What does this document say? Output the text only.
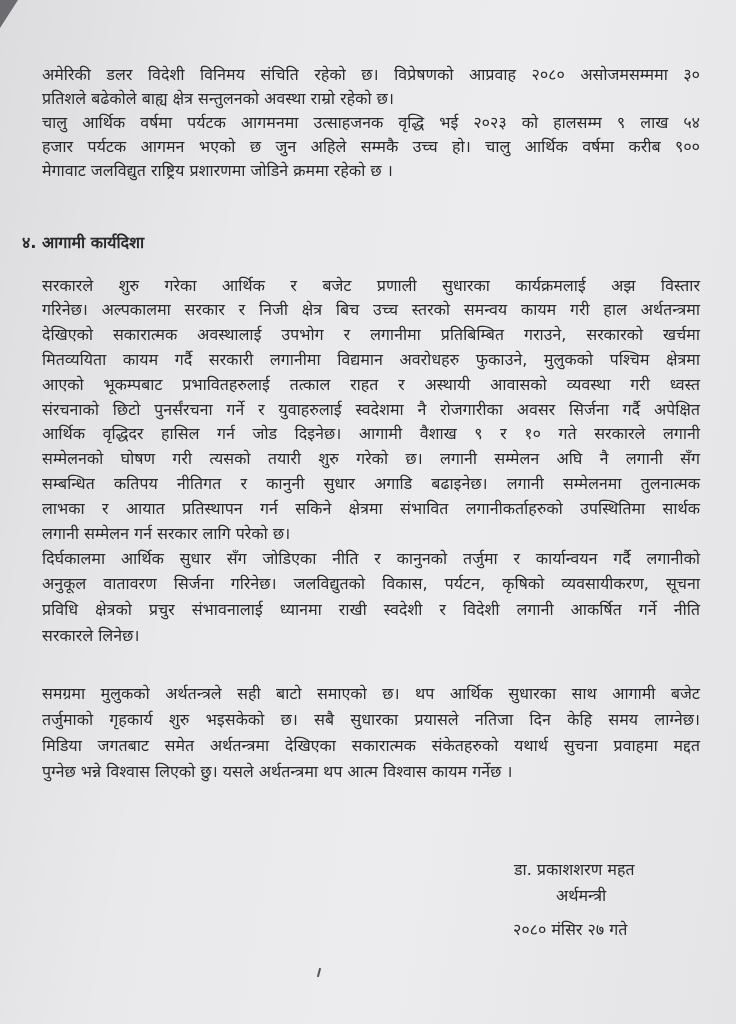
अमेरिकी डलर विदेशी विनिमय संचिति रहेको छ। विप्रेषणको आप्रवाह २०८० असोजमसम्ममा ३०
प्रतिशले बढेकोले बाह्य क्षेत्र सन्तुलनको अवस्था राम्रो रहेको छ।
चालु आर्थिक वर्षमा पर्यटक आगमनमा उत्साहजनक वृद्धि भई २०२३ को हालसम्म ९ लाख ५४
हजार पर्यटक आगमन भएको छ जुन अहिले सम्मकै उच्च हो। चालु आर्थिक वर्षमा करीब ९००
मेगावाट जलविद्युत राष्ट्रिय प्रशारणमा जोडिने क्रममा रहेको छ ।
४. आगामी कार्यदिशा
सरकारले शुरु गरेका आर्थिक र बजेट प्रणाली सुधारका कार्यक्रमलाई अझ विस्तार
गरिनेछ। अल्पकालमा सरकार र निजी क्षेत्र बिच उच्च स्तरको समन्वय कायम गरी हाल अर्थतन्त्रमा
देखिएको सकारात्मक अवस्थालाई उपभोग र लगानीमा प्रतिबिम्बित गराउने, सरकारको खर्चमा
मितव्ययिता कायम गर्दै सरकारी लगानीमा विद्यमान अवरोधहरु फुकाउने, मुलुकको पश्चिम क्षेत्रमा
आएको भूकम्पबाट प्रभावितहरुलाई तत्काल राहत र अस्थायी आवासको व्यवस्था गरी ध्वस्त
संरचनाको छिटो पुनर्संरचना गर्ने र युवाहरुलाई स्वदेशमा नै रोजगारीका अवसर सिर्जना गर्दै अपेक्षित
आर्थिक वृद्धिदर हासिल गर्न जोड दिइनेछ। आगामी वैशाख ९ र १० गते सरकारले लगानी
सम्मेलनको घोषण गरी त्यसको तयारी शुरु गरेको छ। लगानी सम्मेलन अघि नै लगानी सँग
सम्बन्धित कतिपय नीतिगत र कानुनी सुधार अगाडि बढाइनेछ। लगानी सम्मेलनमा तुलनात्मक
लाभका र आयात प्रतिस्थापन गर्न सकिने क्षेत्रमा संभावित लगानीकर्ताहरुको उपस्थितिमा सार्थक
लगानी सम्मेलन गर्न सरकार लागि परेको छ।
दिर्घकालमा आर्थिक सुधार सँग जोडिएका नीति र कानुनको तर्जुमा र कार्यान्वयन गर्दै लगानीको
अनुकूल वातावरण सिर्जना गरिनेछ। जलविद्युतको विकास, पर्यटन, कृषिको व्यवसायीकरण, सूचना
प्रविधि क्षेत्रको प्रचुर संभावनालाई ध्यानमा राखी स्वदेशी र विदेशी लगानी आकर्षित गर्ने नीति
सरकारले लिनेछ।
समग्रमा मुलुकको अर्थतन्त्रले सही बाटो समाएको छ। थप आर्थिक सुधारका साथ आगामी बजेट
तर्जुमाको गृहकार्य शुरु भइसकेको छ। सबै सुधारका प्रयासले नतिजा दिन केहि समय लाग्नेछ।
मिडिया जगतबाट समेत अर्थतन्त्रमा देखिएका सकारात्मक संकेतहरुको यथार्थ सुचना प्रवाहमा मद्दत
पुग्नेछ भन्ने विश्वास लिएको छु। यसले अर्थतन्त्रमा थप आत्म विश्वास कायम गर्नेछ ।
डा. प्रकाशशरण महत
अर्थमन्त्री
२०८० मंसिर २७ गते
